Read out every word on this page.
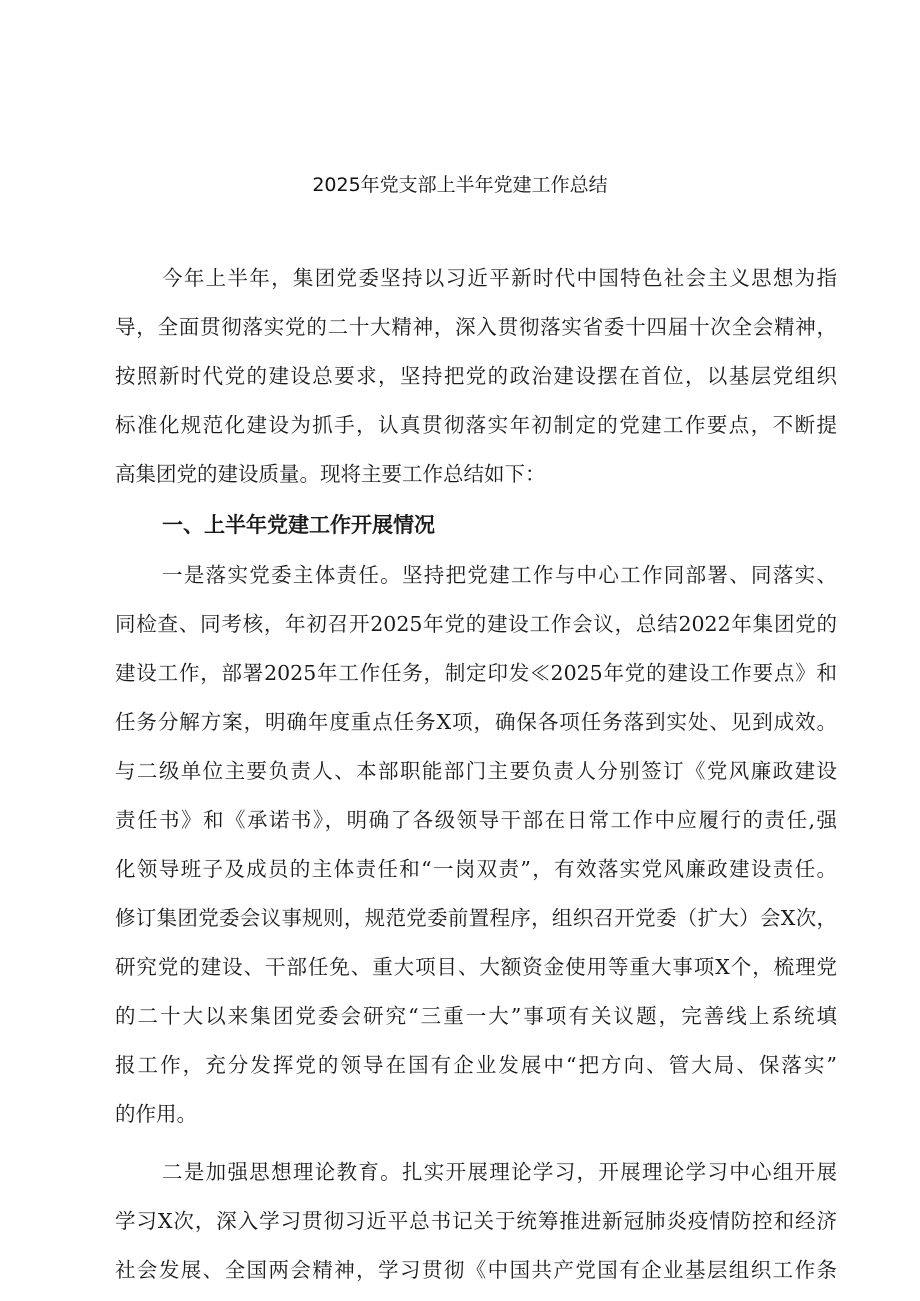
2025年党支部上半年党建工作总结
今年上半年，集团党委坚持以习近平新时代中国特色社会主义思想为指
导，全面贯彻落实党的二十大精神，深入贯彻落实省委十四届十次全会精神，
按照新时代党的建设总要求，坚持把党的政治建设摆在首位，以基层党组织
标准化规范化建设为抓手，认真贯彻落实年初制定的党建工作要点，不断提
高集团党的建设质量。现将主要工作总结如下：
一、上半年党建工作开展情况
一是落实党委主体责任。坚持把党建工作与中心工作同部署、同落实、
同检查、同考核，年初召开2025年党的建设工作会议，总结2022年集团党的
建设工作，部署2025年工作任务，制定印发≪2025年党的建设工作要点》和
任务分解方案，明确年度重点任务X项，确保各项任务落到实处、见到成效。
与二级单位主要负责人、本部职能部门主要负责人分别签订《党风廉政建设
责任书》和《承诺书》，明确了各级领导干部在日常工作中应履行的责任,强
化领导班子及成员的主体责任和“一岗双责”，有效落实党风廉政建设责任。
修订集团党委会议事规则，规范党委前置程序，组织召开党委（扩大）会X次，
研究党的建设、干部任免、重大项目、大额资金使用等重大事项X个，梳理党
的二十大以来集团党委会研究“三重一大”事项有关议题，完善线上系统填
报工作，充分发挥党的领导在国有企业发展中“把方向、管大局、保落实”
的作用。
二是加强思想理论教育。扎实开展理论学习，开展理论学习中心组开展
学习X次，深入学习贯彻习近平总书记关于统筹推进新冠肺炎疫情防控和经济
社会发展、全国两会精神，学习贯彻《中国共产党国有企业基层组织工作条
